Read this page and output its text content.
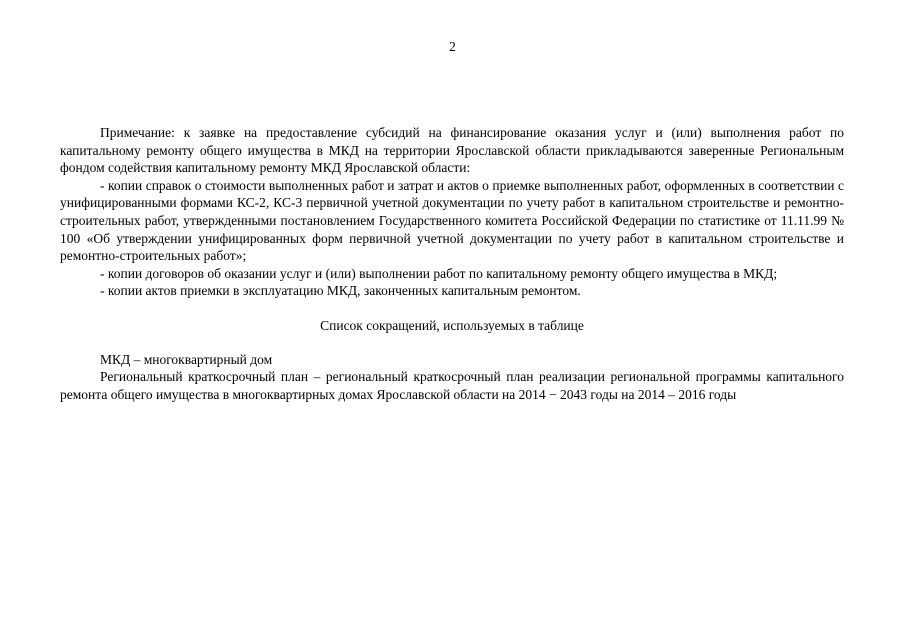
2

Примечание: к заявке на предоставление субсидий на финансирование оказания услуг и (или) выполнения работ по капитальному ремонту общего имущества в МКД на территории Ярославской области прикладываются заверенные Региональным фондом содействия капитальному ремонту МКД Ярославской области:

- копии справок о стоимости выполненных работ и затрат и актов о приемке выполненных работ, оформленных в соответствии с унифицированными формами КС-2, КС-3 первичной учетной документации по учету работ в капитальном строительстве и ремонтно-строительных работ, утвержденными постановлением Государственного комитета Российской Федерации по статистике от 11.11.99 № 100 «Об утверждении унифицированных форм первичной учетной документации по учету работ в капитальном строительстве и ремонтно-строительных работ»;

- копии договоров об оказании услуг и (или) выполнении работ по капитальному ремонту общего имущества в МКД;

- копии актов приемки в эксплуатацию МКД, законченных капитальным ремонтом.

Список сокращений, используемых в таблице

МКД – многоквартирный дом

Региональный краткосрочный план – региональный краткосрочный план реализации региональной программы капитального ремонта общего имущества в многоквартирных домах Ярославской области на 2014 − 2043 годы на 2014 – 2016 годы
